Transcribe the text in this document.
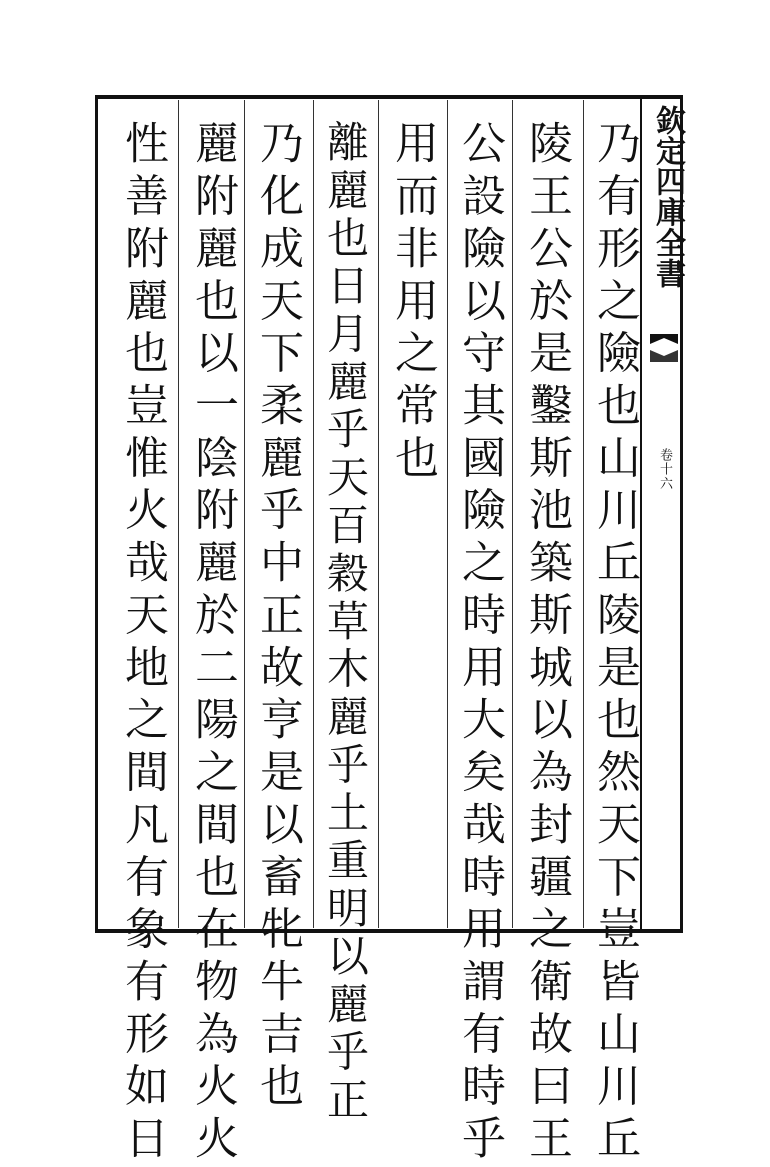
欽定四庫全書
卷十六
乃有形之險也山川丘陵是也然天下豈皆山川丘
陵王公於是鑿斯池築斯城以為封疆之衛故曰王
公設險以守其國險之時用大矣哉時用謂有時乎
用而非用之常也
離麗也日月麗乎天百穀草木麗乎土重明以麗乎正
乃化成天下柔麗乎中正故亨是以畜牝牛吉也
麗附麗也以一陰附麗於二陽之間也在物為火火
性善附麗也豈惟火哉天地之間凡有象有形如日
